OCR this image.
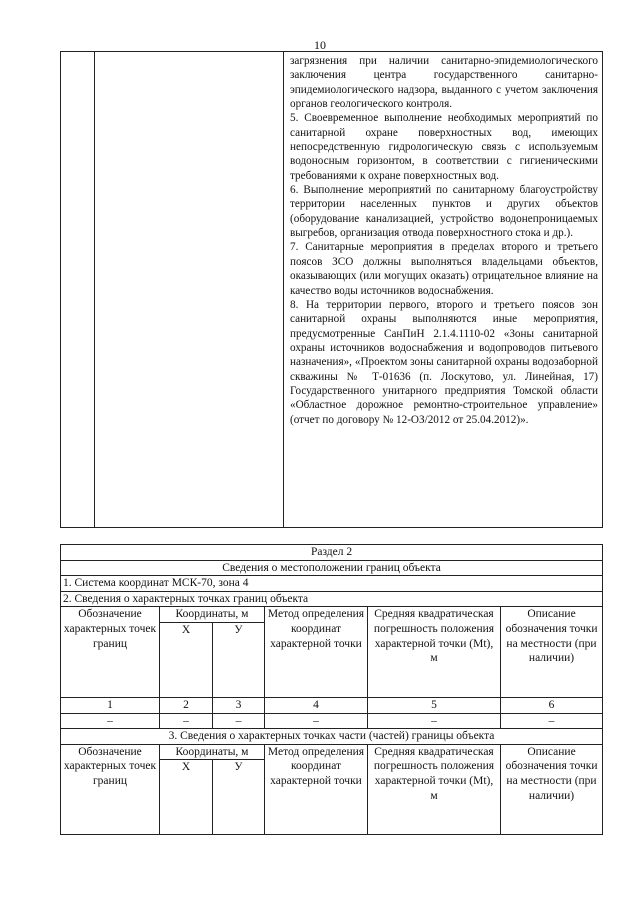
10

загрязнения при наличии санитарно-эпидемиологического заключения центра государственного санитарно-эпидемиологического надзора, выданного с учетом заключения органов геологического контроля.

5. Своевременное выполнение необходимых мероприятий по санитарной охране поверхностных вод, имеющих непосредственную гидрологическую связь с используемым водоносным горизонтом, в соответствии с гигиеническими требованиями к охране поверхностных вод.

6. Выполнение мероприятий по санитарному благоустройству территории населенных пунктов и других объектов (оборудование канализацией, устройство водонепроницаемых выгребов, организация отвода поверхностного стока и др.).

7. Санитарные мероприятия в пределах второго и третьего поясов ЗСО должны выполняться владельцами объектов, оказывающих (или могущих оказать) отрицательное влияние на качество воды источников водоснабжения.

8. На территории первого, второго и третьего поясов зон санитарной охраны выполняются иные мероприятия, предусмотренные СанПиН 2.1.4.1110-02 «Зоны санитарной охраны источников водоснабжения и водопроводов питьевого назначения», «Проектом зоны санитарной охраны водозаборной скважины № Т-01636 (п. Лоскутово, ул. Линейная, 17) Государственного унитарного предприятия Томской области «Областное дорожное ремонтно-строительное управление» (отчет по договору № 12-ОЗ/2012 от 25.04.2012)».

Раздел 2					
Сведения о местоположении границ объекта					
1. Система координат МСК-70, зона 4					
2. Сведения о характерных точках границ объекта					
Обозначение характерных точек границ	Координаты, м		Метод определения координат характерной точки	Средняя квадратическая погрешность положения характерной точки (Mt), м	Описание обозначения точки на местности (при наличии)
	Х	У			
1	2	3	4	5	6
–	–	–	–	–	–
3. Сведения о характерных точках части (частей) границы объекта					
Обозначение характерных точек границ	Координаты, м		Метод определения координат характерной точки	Средняя квадратическая погрешность положения характерной точки (Mt), м	Описание обозначения точки на местности (при наличии)
	Х	У			
